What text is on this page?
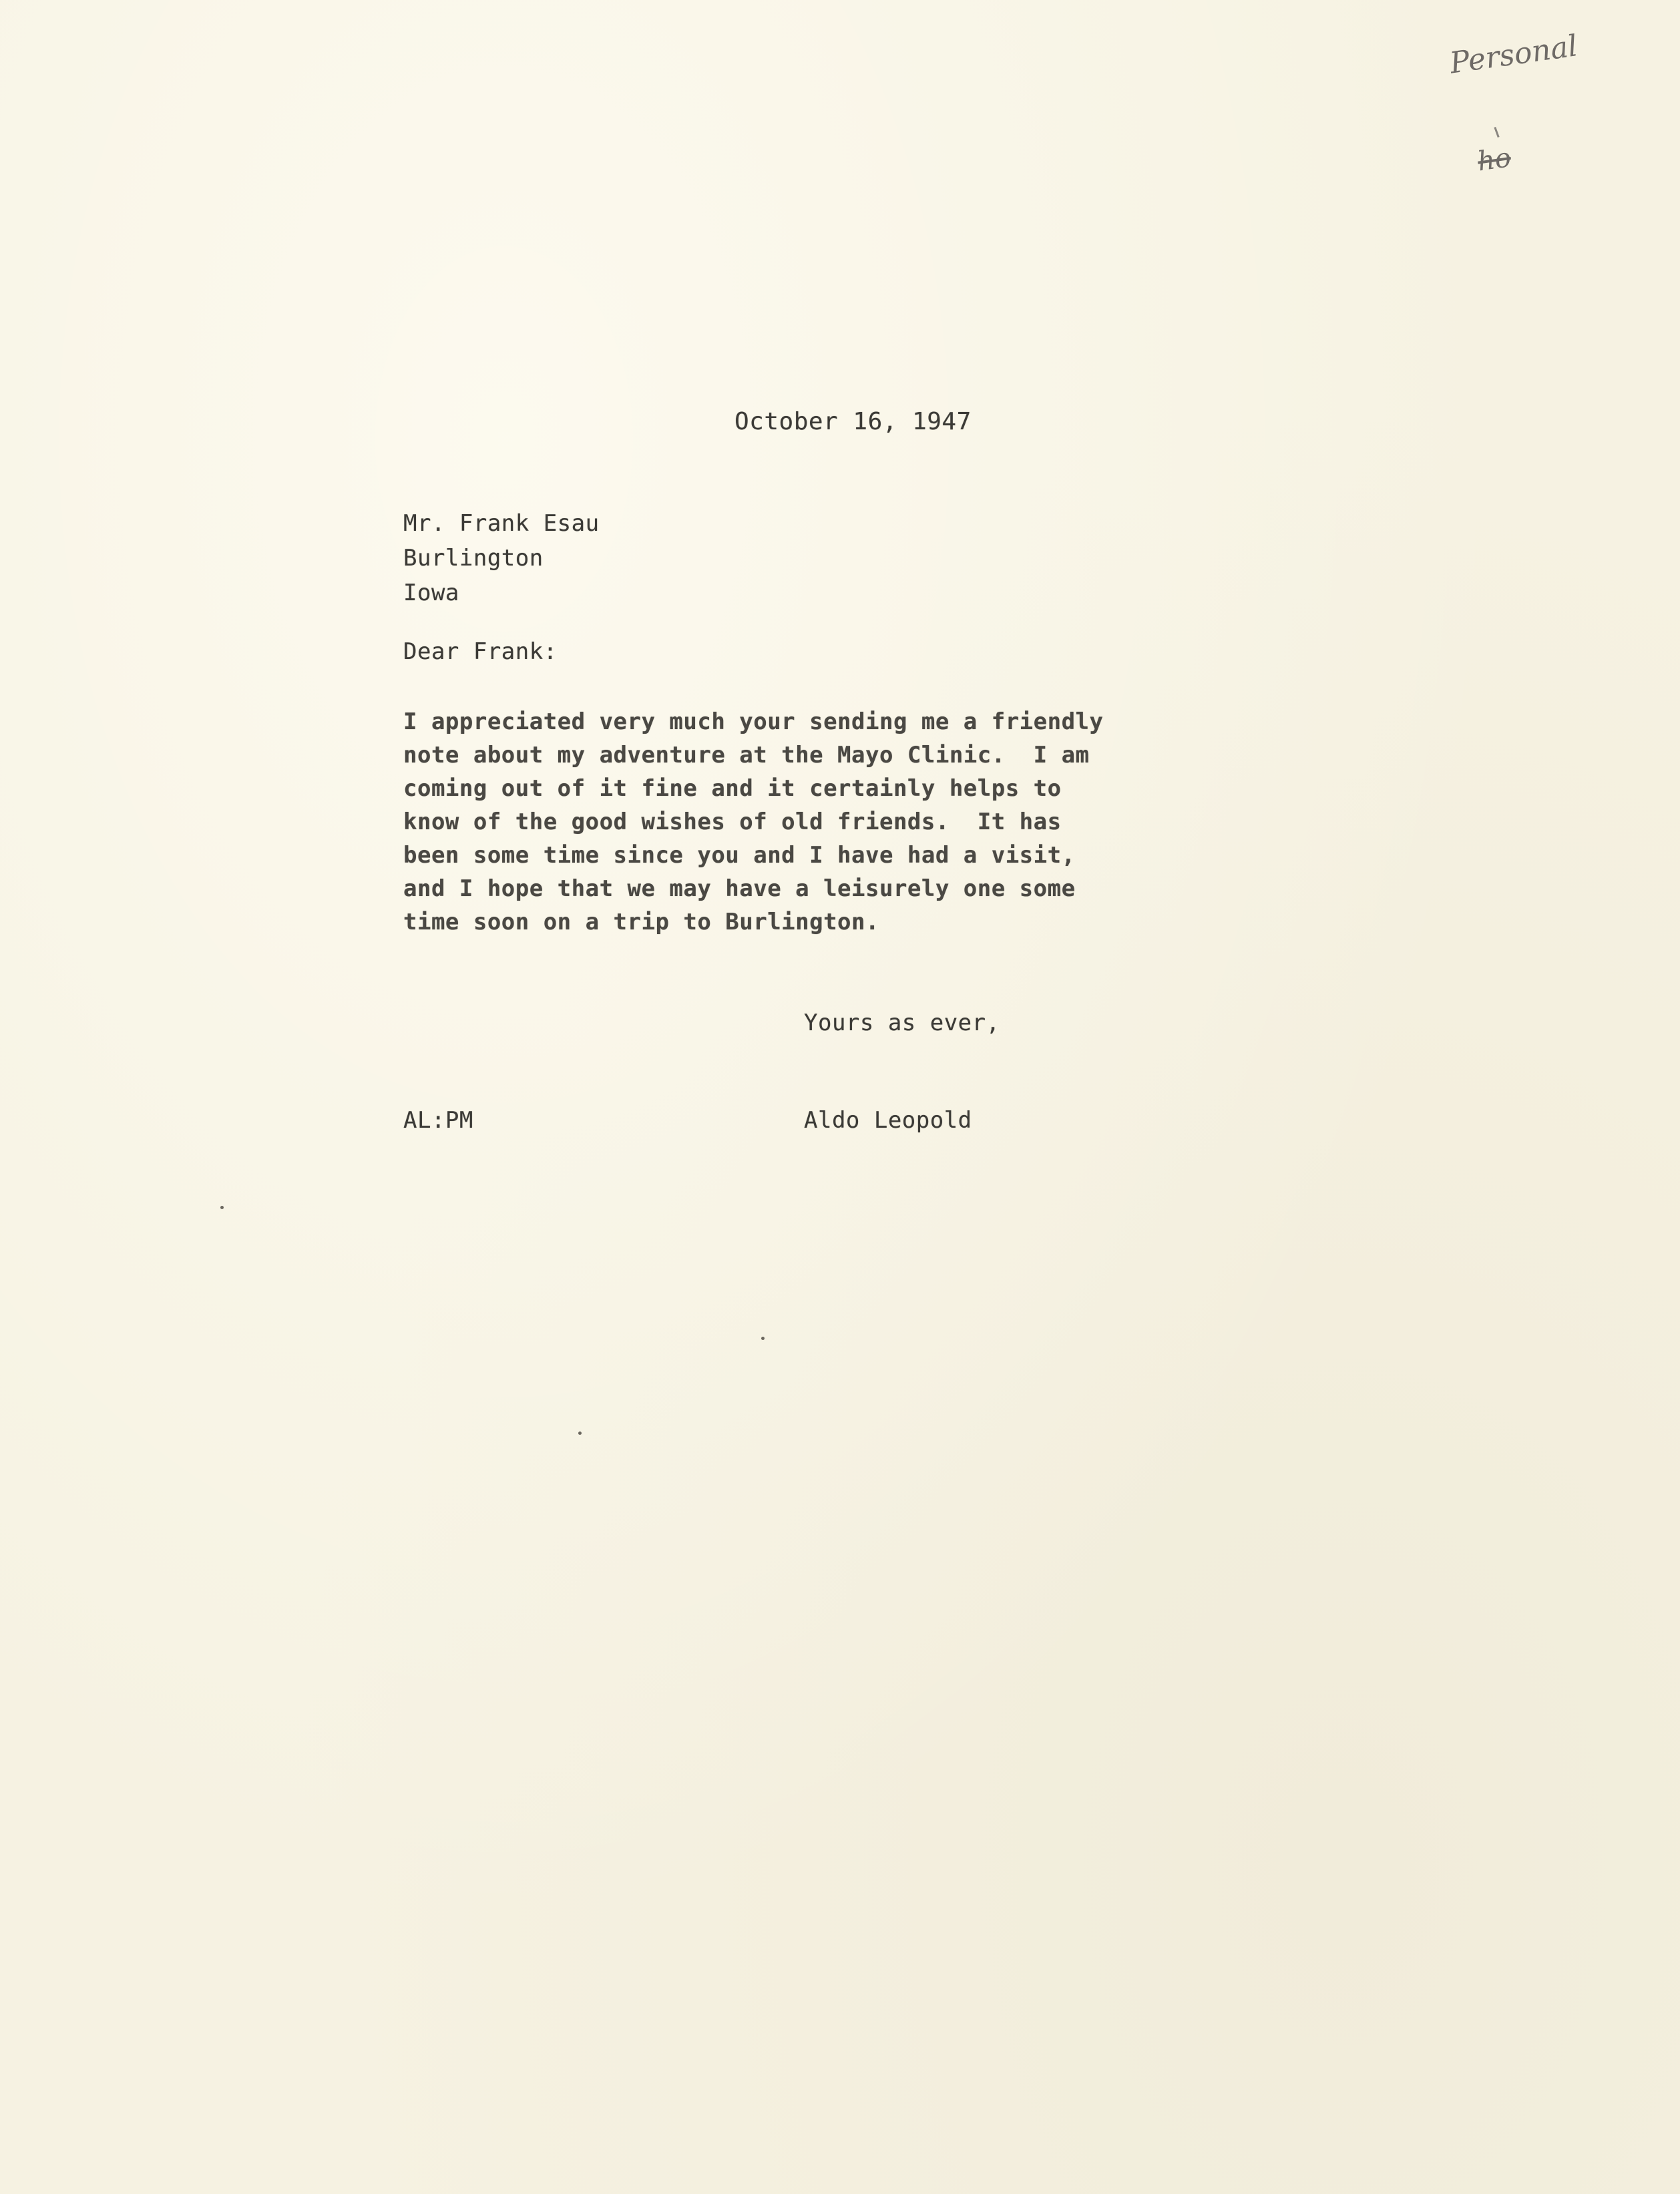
Personal
ho
October 16, 1947
Mr. Frank Esau
Burlington
Iowa
Dear Frank:
I appreciated very much your sending me a friendly
note about my adventure at the Mayo Clinic.  I am
coming out of it fine and it certainly helps to
know of the good wishes of old friends.  It has
been some time since you and I have had a visit,
and I hope that we may have a leisurely one some
time soon on a trip to Burlington.
Yours as ever,
AL:PM	Aldo Leopold
